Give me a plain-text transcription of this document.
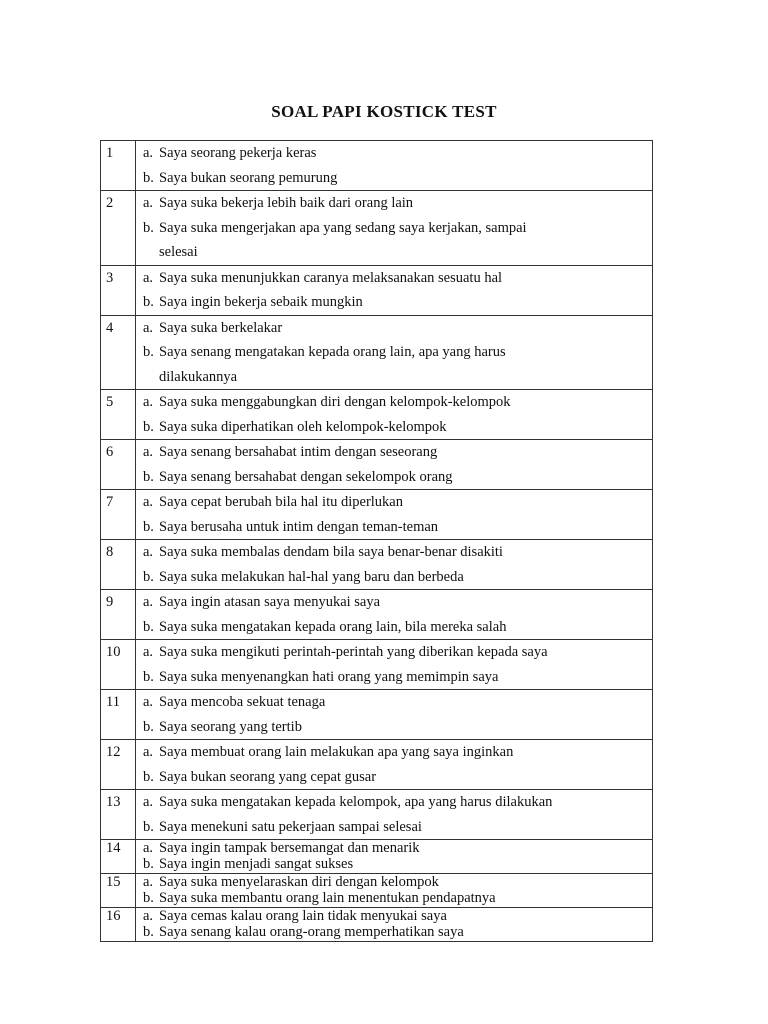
SOAL PAPI KOSTICK TEST
1	a. Saya seorang pekerja keras
b. Saya bukan seorang pemurung

2	a. Saya suka bekerja lebih baik dari orang lain
b. Saya suka mengerjakan apa yang sedang saya kerjakan, sampai
selesai

3	a. Saya suka menunjukkan caranya melaksanakan sesuatu hal
b. Saya ingin bekerja sebaik mungkin

4	a. Saya suka berkelakar
b. Saya senang mengatakan kepada orang lain, apa yang harus
dilakukannya

5	a. Saya suka menggabungkan diri dengan kelompok-kelompok
b. Saya suka diperhatikan oleh kelompok-kelompok

6	a. Saya senang bersahabat intim dengan seseorang
b. Saya senang bersahabat dengan sekelompok orang

7	a. Saya cepat berubah bila hal itu diperlukan
b. Saya berusaha untuk intim dengan teman-teman

8	a. Saya suka membalas dendam bila saya benar-benar disakiti
b. Saya suka melakukan hal-hal yang baru dan berbeda

9	a. Saya ingin atasan saya menyukai saya
b. Saya suka mengatakan kepada orang lain, bila mereka salah

10	a. Saya suka mengikuti perintah-perintah yang diberikan kepada saya
b. Saya suka menyenangkan hati orang yang memimpin saya

11	a. Saya mencoba sekuat tenaga
b. Saya seorang yang tertib

12	a. Saya membuat orang lain melakukan apa yang saya inginkan
b. Saya bukan seorang yang cepat gusar

13	a. Saya suka mengatakan kepada kelompok, apa yang harus dilakukan
b. Saya menekuni satu pekerjaan sampai selesai

14	a. Saya ingin tampak bersemangat dan menarik
b. Saya ingin menjadi sangat sukses

15	a. Saya suka menyelaraskan diri dengan kelompok
b. Saya suka membantu orang lain menentukan pendapatnya

16	a. Saya cemas kalau orang lain tidak menyukai saya
b. Saya senang kalau orang-orang memperhatikan saya
